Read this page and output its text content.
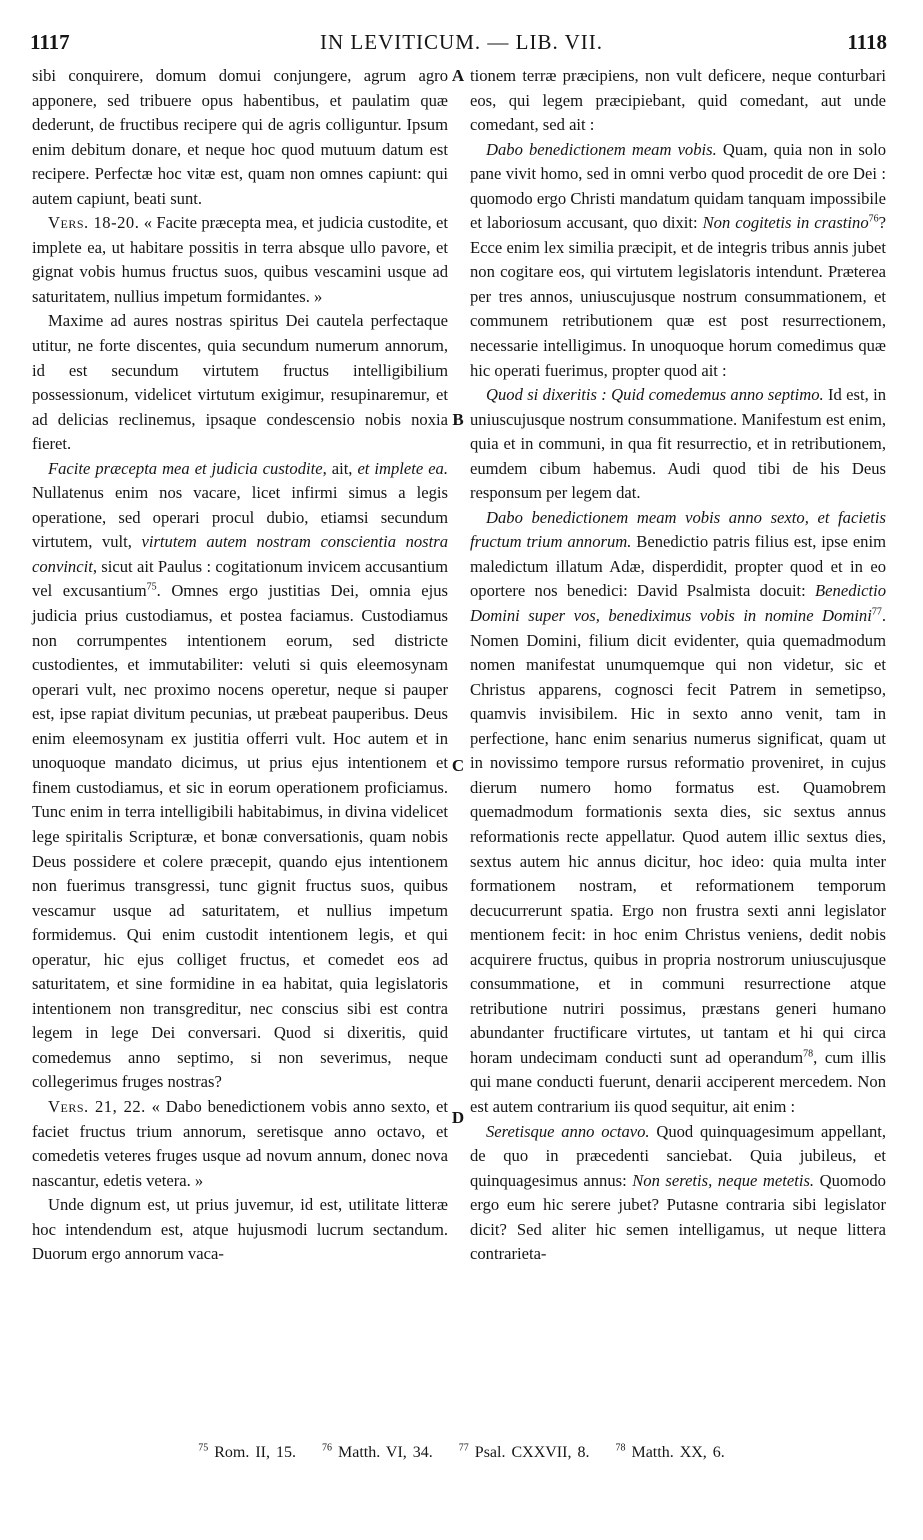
1117	IN LEVITICUM. — LIB. VII.	1118
A
B
C
D

sibi conquirere, domum domui conjungere, agrum agro apponere, sed tribuere opus habentibus, et paulatim quæ dederunt, de fructibus recipere qui de agris colliguntur. Ipsum enim debitum donare, et neque hoc quod mutuum datum est recipere. Perfectæ hoc vitæ est, quam non omnes capiunt: qui autem capiunt, beati sunt.

Vers. 18-20. « Facite præcepta mea, et judicia custodite, et implete ea, ut habitare possitis in terra absque ullo pavore, et gignat vobis humus fructus suos, quibus vescamini usque ad saturitatem, nullius impetum formidantes. »

Maxime ad aures nostras spiritus Dei cautela perfectaque utitur, ne forte discentes, quia secundum numerum annorum, id est secundum virtutem fructus intelligibilium possessionum, videlicet virtutum exigimur, resupinaremur, et ad delicias reclinemus, ipsaque condescensio nobis noxia fieret.

Facite præcepta mea et judicia custodite, ait, et implete ea. Nullatenus enim nos vacare, licet infirmi simus a legis operatione, sed operari procul dubio, etiamsi secundum virtutem, vult, virtutem autem nostram conscientia nostra convincit, sicut ait Paulus : cogitationum invicem accusantium vel excusantium$^{75}$. Omnes ergo justitias Dei, omnia ejus judicia prius custodiamus, et postea faciamus. Custodiamus non corrumpentes intentionem eorum, sed districte custodientes, et immutabiliter: veluti si quis eleemosynam operari vult, nec proximo nocens operetur, neque si pauper est, ipse rapiat divitum pecunias, ut præbeat pauperibus. Deus enim eleemosynam ex justitia offerri vult. Hoc autem et in unoquoque mandato dicimus, ut prius ejus intentionem et finem custodiamus, et sic in eorum operationem proficiamus. Tunc enim in terra intelligibili habitabimus, in divina videlicet lege spiritalis Scripturæ, et bonæ conversationis, quam nobis Deus possidere et colere præcepit, quando ejus intentionem non fuerimus transgressi, tunc gignit fructus suos, quibus vescamur usque ad saturitatem, et nullius impetum formidemus. Qui enim custodit intentionem legis, et qui operatur, hic ejus colliget fructus, et comedet eos ad saturitatem, et sine formidine in ea habitat, quia legislatoris intentionem non transgreditur, nec conscius sibi est contra legem in lege Dei conversari. Quod si dixeritis, quid comedemus anno septimo, si non severimus, neque collegerimus fruges nostras?

Vers. 21, 22. « Dabo benedictionem vobis anno sexto, et faciet fructus trium annorum, seretisque anno octavo, et comedetis veteres fruges usque ad novum annum, donec nova nascantur, edetis vetera. »

Unde dignum est, ut prius juvemur, id est, utilitate litteræ hoc intendendum est, atque hujusmodi lucrum sectandum. Duorum ergo annorum vaca-

tionem terræ præcipiens, non vult deficere, neque conturbari eos, qui legem præcipiebant, quid comedant, aut unde comedant, sed ait :

Dabo benedictionem meam vobis. Quam, quia non in solo pane vivit homo, sed in omni verbo quod procedit de ore Dei : quomodo ergo Christi mandatum quidam tanquam impossibile et laboriosum accusant, quo dixit: Non cogitetis in crastino$^{76}$? Ecce enim lex similia præcipit, et de integris tribus annis jubet non cogitare eos, qui virtutem legislatoris intendunt. Præterea per tres annos, uniuscujusque nostrum consummationem, et communem retributionem quæ est post resurrectionem, necessarie intelligimus. In unoquoque horum comedimus quæ hic operati fuerimus, propter quod ait :

Quod si dixeritis : Quid comedemus anno septimo. Id est, in uniuscujusque nostrum consummatione. Manifestum est enim, quia et in communi, in qua fit resurrectio, et in retributionem, eumdem cibum habemus. Audi quod tibi de his Deus responsum per legem dat.

Dabo benedictionem meam vobis anno sexto, et facietis fructum trium annorum. Benedictio patris filius est, ipse enim maledictum illatum Adæ, disperdidit, propter quod et in eo oportere nos benedici: David Psalmista docuit: Benedictio Domini super vos, benediximus vobis in nomine Domini$^{77}$. Nomen Domini, filium dicit evidenter, quia quemadmodum nomen manifestat unumquemque qui non videtur, sic et Christus apparens, cognosci fecit Patrem in semetipso, quamvis invisibilem. Hic in sexto anno venit, tam in perfectione, hanc enim senarius numerus significat, quam ut in novissimo tempore rursus reformatio proveniret, in cujus dierum numero homo formatus est. Quamobrem quemadmodum formationis sexta dies, sic sextus annus reformationis recte appellatur. Quod autem illic sextus dies, sextus autem hic annus dicitur, hoc ideo: quia multa inter formationem nostram, et reformationem temporum decucurrerunt spatia. Ergo non frustra sexti anni legislator mentionem fecit: in hoc enim Christus veniens, dedit nobis acquirere fructus, quibus in propria nostrorum uniuscujusque consummatione, et in communi resurrectione atque retributione nutriri possimus, præstans generi humano abundanter fructificare virtutes, ut tantam et hi qui circa horam undecimam conducti sunt ad operandum$^{78}$, cum illis qui mane conducti fuerunt, denarii acciperent mercedem. Non est autem contrarium iis quod sequitur, ait enim :

Seretisque anno octavo. Quod quinquagesimum appellant, de quo in præcedenti sanciebat. Quia jubileus, et quinquagesimus annus: Non seretis, neque metetis. Quomodo ergo eum hic serere jubet? Putasne contraria sibi legislator dicit? Sed aliter hic semen intelligamus, ut neque littera contrarieta-

$^{75}$ Rom. II, 15.	$^{76}$ Matth. VI, 34.	$^{77}$ Psal. CXXVII, 8.	$^{78}$ Matth. XX, 6.
